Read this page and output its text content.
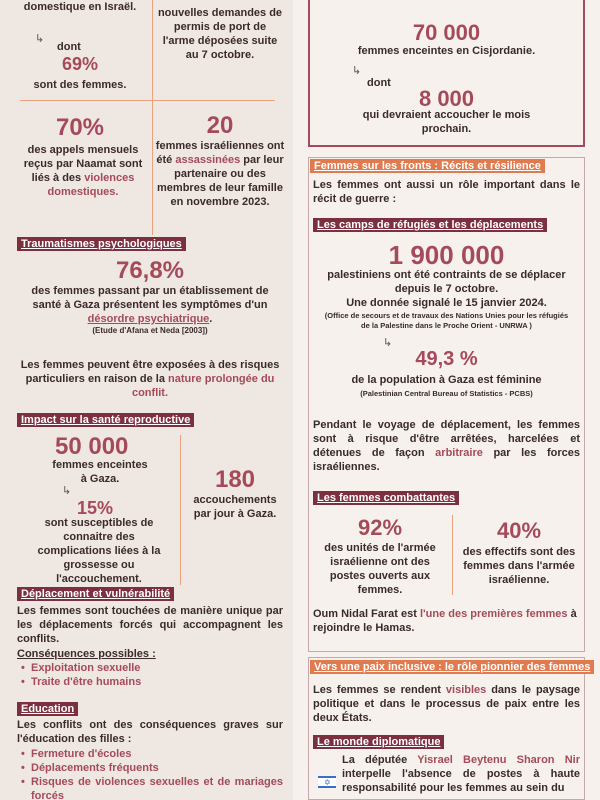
domestique en Israël.
↳
dont
69%
sont des femmes.
nouvelles demandes de permis de port de l'arme déposées suite au 7 octobre.
70%
des appels mensuels reçus par Naamat sont liés à des violences domestiques.
20
femmes israéliennes ont été assassinées par leur partenaire ou des membres de leur famille en novembre 2023.
Traumatismes psychologiques
76,8%
des femmes passant par un établissement de santé à Gaza présentent les symptômes d'un désordre psychiatrique.
(Etude d'Afana et Neda [2003])
Les femmes peuvent être exposées à des risques particuliers en raison de la nature prolongée du conflit.
Impact sur la santé reproductive
50 000
femmes enceintes à Gaza.
↳
15%
sont susceptibles de connaitre des complications liées à la grossesse ou l'accouchement.
180
accouchements par jour à Gaza.
Déplacement et vulnérabilité
Les femmes sont touchées de manière unique par les déplacements forcés qui accompagnent les conflits.
Conséquences possibles :
• Exploitation sexuelle
• Traite d'être humains
Education
Les conflits ont des conséquences graves sur l'éducation des filles :
• Fermeture d'écoles
• Déplacements fréquents
• Risques de violences sexuelles et de mariages forcés
70 000
femmes enceintes en Cisjordanie.
↳
dont
8 000
qui devraient accoucher le mois prochain.
Femmes sur les fronts : Récits et résilience
Les femmes ont aussi un rôle important dans le récit de guerre :
Les camps de réfugiés et les déplacements
1 900 000
palestiniens ont été contraints de se déplacer depuis le 7 octobre.
Une donnée signalé le 15 janvier 2024.
(Office de secours et de travaux des Nations Unies pour les réfugiés de la Palestine dans le Proche Orient - UNRWA )
↳
49,3 %
de la population à Gaza est féminine
(Palestinian Central Bureau of Statistics - PCBS)
Pendant le voyage de déplacement, les femmes sont à risque d'être arrêtées, harcelées et détenues de façon arbitraire par les forces israéliennes.
Les femmes combattantes
92%
des unités de l'armée israélienne ont des postes ouverts aux femmes.
40%
des effectifs sont des femmes dans l'armée israélienne.
Oum Nidal Farat est l'une des premières femmes à rejoindre le Hamas.
Vers une paix inclusive : le rôle pionnier des femmes
Les femmes se rendent visibles dans le paysage politique et dans le processus de paix entre les deux États.
Le monde diplomatique
✡
La députée Yisrael Beytenu Sharon Nir interpelle l'absence de postes à haute responsabilité pour les femmes au sein du
